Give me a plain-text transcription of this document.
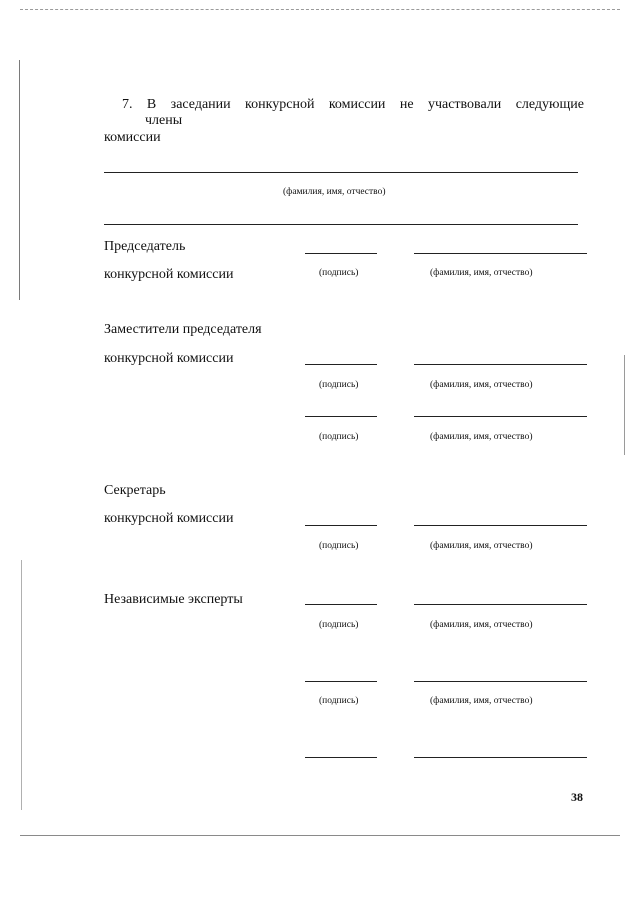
7. В заседании конкурсной комиссии не участвовали следующие
члены
комиссии
(фамилия, имя, отчество)
Председатель
конкурсной комиссии	(подпись)	(фамилия, имя, отчество)
Заместители председателя
конкурсной комиссии
(подпись)	(фамилия, имя, отчество)
(подпись)	(фамилия, имя, отчество)
Секретарь
конкурсной комиссии
(подпись)	(фамилия, имя, отчество)
Независимые эксперты
(подпись)	(фамилия, имя, отчество)
(подпись)	(фамилия, имя, отчество)
38
